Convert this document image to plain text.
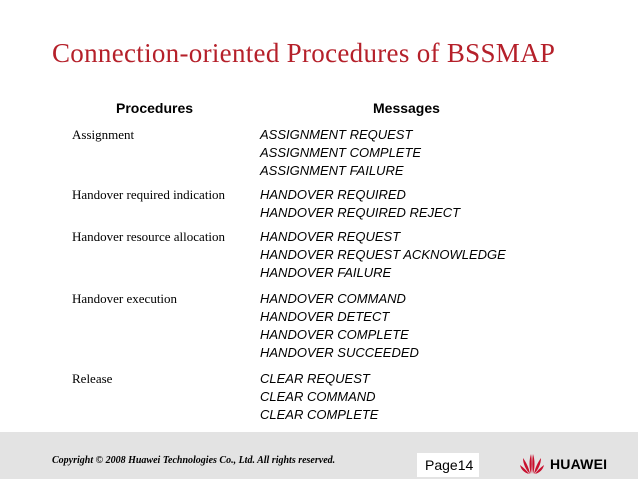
Connection-oriented Procedures of BSSMAP
Procedures	Messages
Assignment	ASSIGNMENT REQUEST
ASSIGNMENT COMPLETE
ASSIGNMENT FAILURE
Handover required indication	HANDOVER REQUIRED
HANDOVER REQUIRED REJECT
Handover resource allocation	HANDOVER REQUEST
HANDOVER REQUEST ACKNOWLEDGE
HANDOVER FAILURE
Handover execution	HANDOVER COMMAND
HANDOVER DETECT
HANDOVER COMPLETE
HANDOVER SUCCEEDED
Release	CLEAR REQUEST
CLEAR COMMAND
CLEAR COMPLETE
Copyright © 2008 Huawei Technologies Co., Ltd. All rights reserved.	Page14	HUAWEI
